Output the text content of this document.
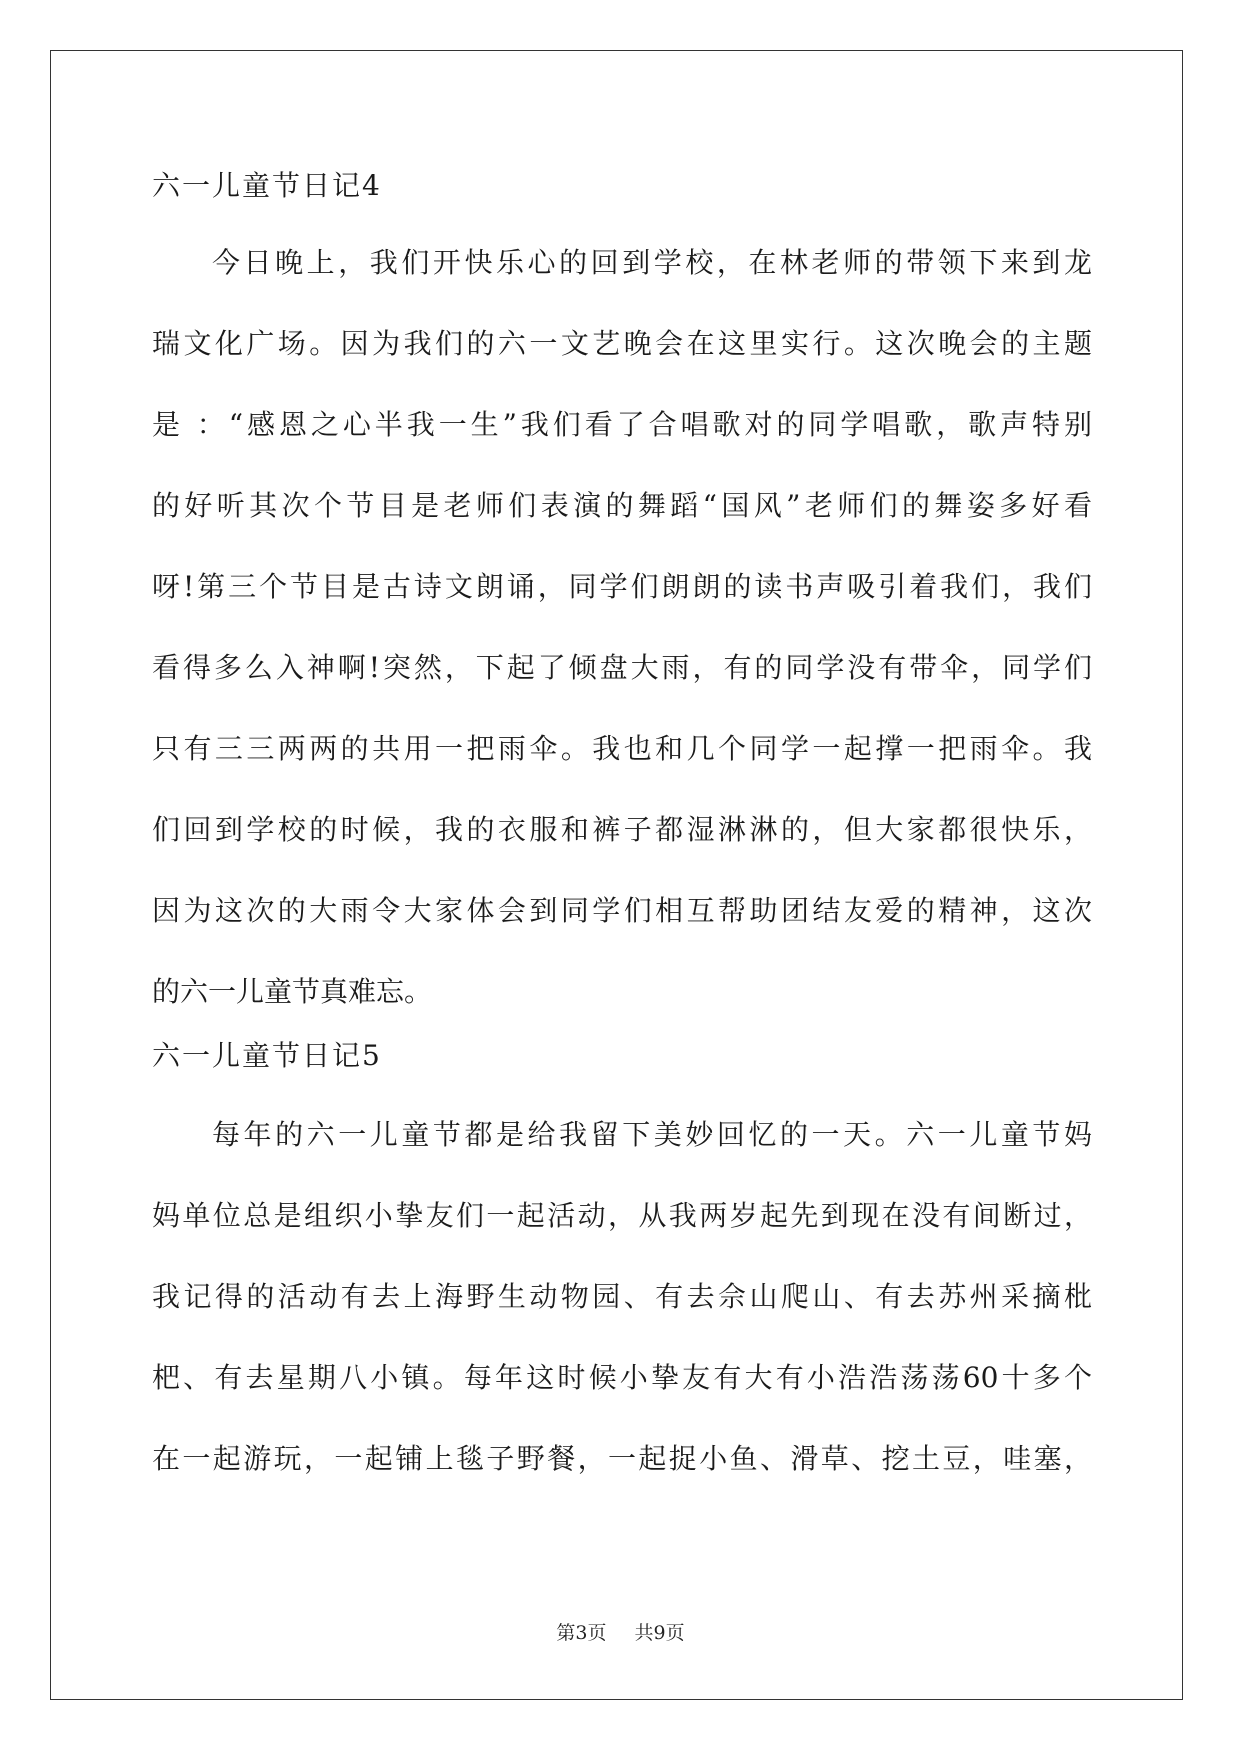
六一儿童节日记4
今日晚上，我们开快乐心的回到学校，在林老师的带领下来到龙
瑞文化广场。因为我们的六一文艺晚会在这里实行。这次晚会的主题
是 ：“感恩之心半我一生”我们看了合唱歌对的同学唱歌，歌声特别
的好听其次个节目是老师们表演的舞蹈“国风”老师们的舞姿多好看
呀!第三个节目是古诗文朗诵，同学们朗朗的读书声吸引着我们，我们
看得多么入神啊!突然，下起了倾盘大雨，有的同学没有带伞，同学们
只有三三两两的共用一把雨伞。我也和几个同学一起撑一把雨伞。我
们回到学校的时候，我的衣服和裤子都湿淋淋的，但大家都很快乐，
因为这次的大雨令大家体会到同学们相互帮助团结友爱的精神，这次
的六一儿童节真难忘。
六一儿童节日记5
每年的六一儿童节都是给我留下美妙回忆的一天。六一儿童节妈
妈单位总是组织小挚友们一起活动，从我两岁起先到现在没有间断过，
我记得的活动有去上海野生动物园、有去佘山爬山、有去苏州采摘枇
杷、有去星期八小镇。每年这时候小挚友有大有小浩浩荡荡60十多个
在一起游玩，一起铺上毯子野餐，一起捉小鱼、滑草、挖土豆，哇塞，
第3页 共9页
